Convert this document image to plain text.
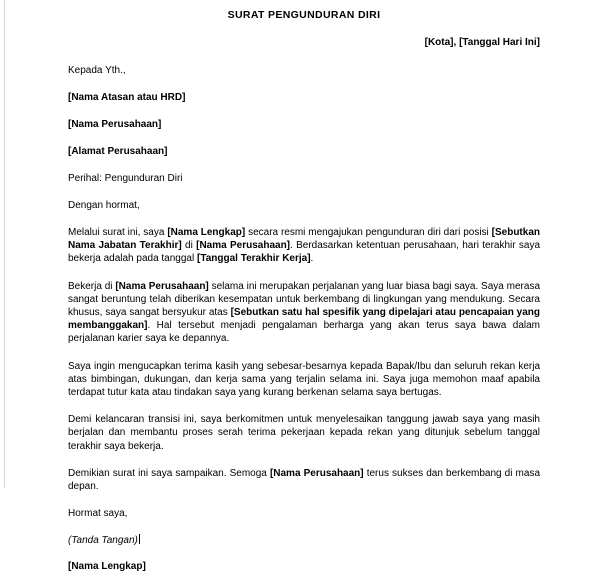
SURAT PENGUNDURAN DIRI
[Kota], [Tanggal Hari Ini]
Kepada Yth.,
[Nama Atasan atau HRD]
[Nama Perusahaan]
[Alamat Perusahaan]
Perihal: Pengunduran Diri
Dengan hormat,

Melalui surat ini, saya [Nama Lengkap] secara resmi mengajukan pengunduran diri dari posisi [Sebutkan Nama Jabatan Terakhir] di [Nama Perusahaan]. Berdasarkan ketentuan perusahaan, hari terakhir saya bekerja adalah pada tanggal [Tanggal Terakhir Kerja].

Bekerja di [Nama Perusahaan] selama ini merupakan perjalanan yang luar biasa bagi saya. Saya merasa sangat beruntung telah diberikan kesempatan untuk berkembang di lingkungan yang mendukung. Secara khusus, saya sangat bersyukur atas [Sebutkan satu hal spesifik yang dipelajari atau pencapaian yang membanggakan]. Hal tersebut menjadi pengalaman berharga yang akan terus saya bawa dalam perjalanan karier saya ke depannya.

Saya ingin mengucapkan terima kasih yang sebesar-besarnya kepada Bapak/Ibu dan seluruh rekan kerja atas bimbingan, dukungan, dan kerja sama yang terjalin selama ini. Saya juga memohon maaf apabila terdapat tutur kata atau tindakan saya yang kurang berkenan selama saya bertugas.

Demi kelancaran transisi ini, saya berkomitmen untuk menyelesaikan tanggung jawab saya yang masih berjalan dan membantu proses serah terima pekerjaan kepada rekan yang ditunjuk sebelum tanggal terakhir saya bekerja.

Demikian surat ini saya sampaikan. Semoga [Nama Perusahaan] terus sukses dan berkembang di masa depan.

Hormat saya,
(Tanda Tangan)
[Nama Lengkap]
